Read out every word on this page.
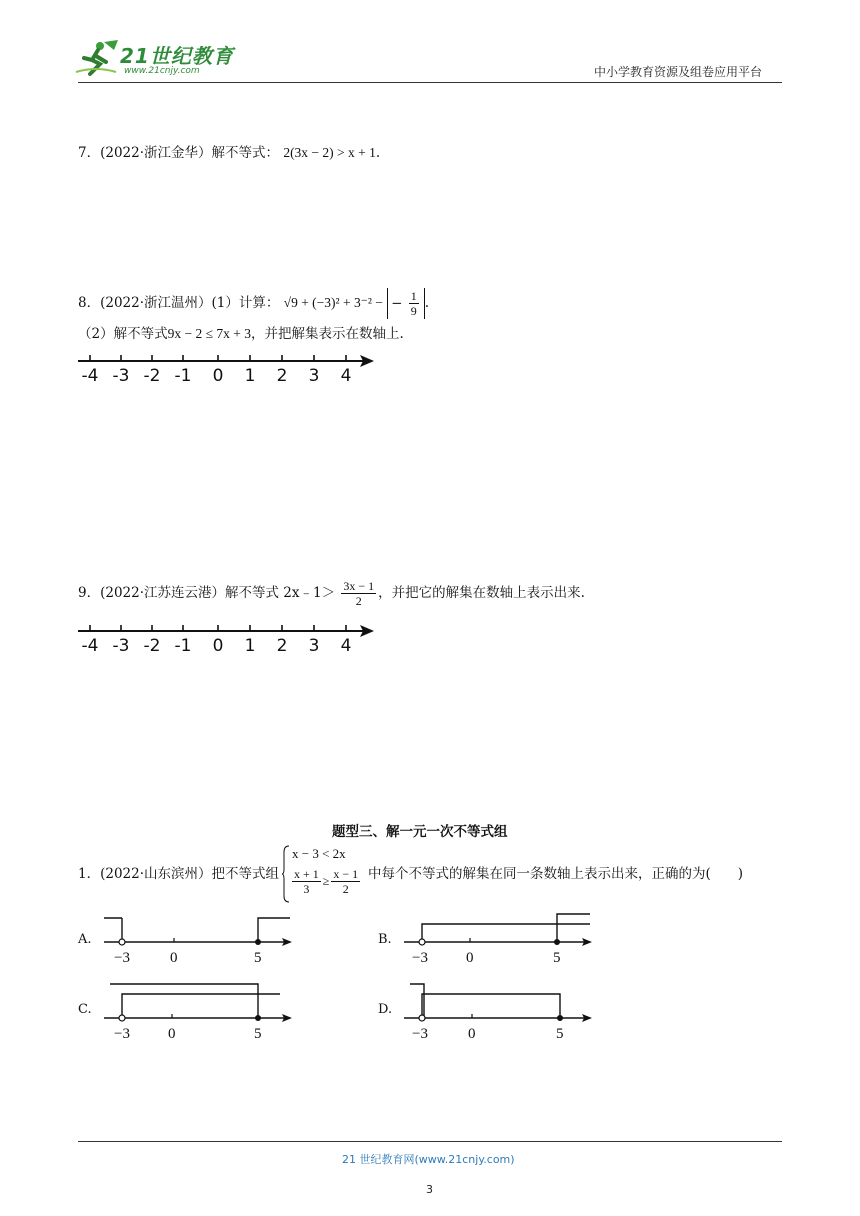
21世纪教育
www.21cnjy.com	中小学教育资源及组卷应用平台
7．(2022·浙江金华）解不等式： 2(3x − 2) > x + 1.
8．(2022·浙江温州）(1）计算： √9 + (−3)² + 3⁻² − − $\frac{1}{9}$ .
（2）解不等式9x − 2 ≤ 7x + 3，并把解集表示在数轴上.
-4 -3 -2 -1 0 1 2 3 4
9．(2022·江苏连云港）解不等式 2x﹣1＞ $\frac{3x - 1}{2}$ ，并把它的解集在数轴上表示出来.
-4 -3 -2 -1 0 1 2 3 4
题型三、解一元一次不等式组
1．(2022·山东滨州）把不等式组
x − 3 < 2x
$\frac{x + 1}{3} \ge \frac{x - 1}{2}$ 中每个不等式的解集在同一条数轴上表示出来，正确的为(　　)
A.
−3	0	5
B.
−3	0	5
C.
−3	0	5
D.
−3	0	5
21 世纪教育网(www.21cnjy.com)
3
